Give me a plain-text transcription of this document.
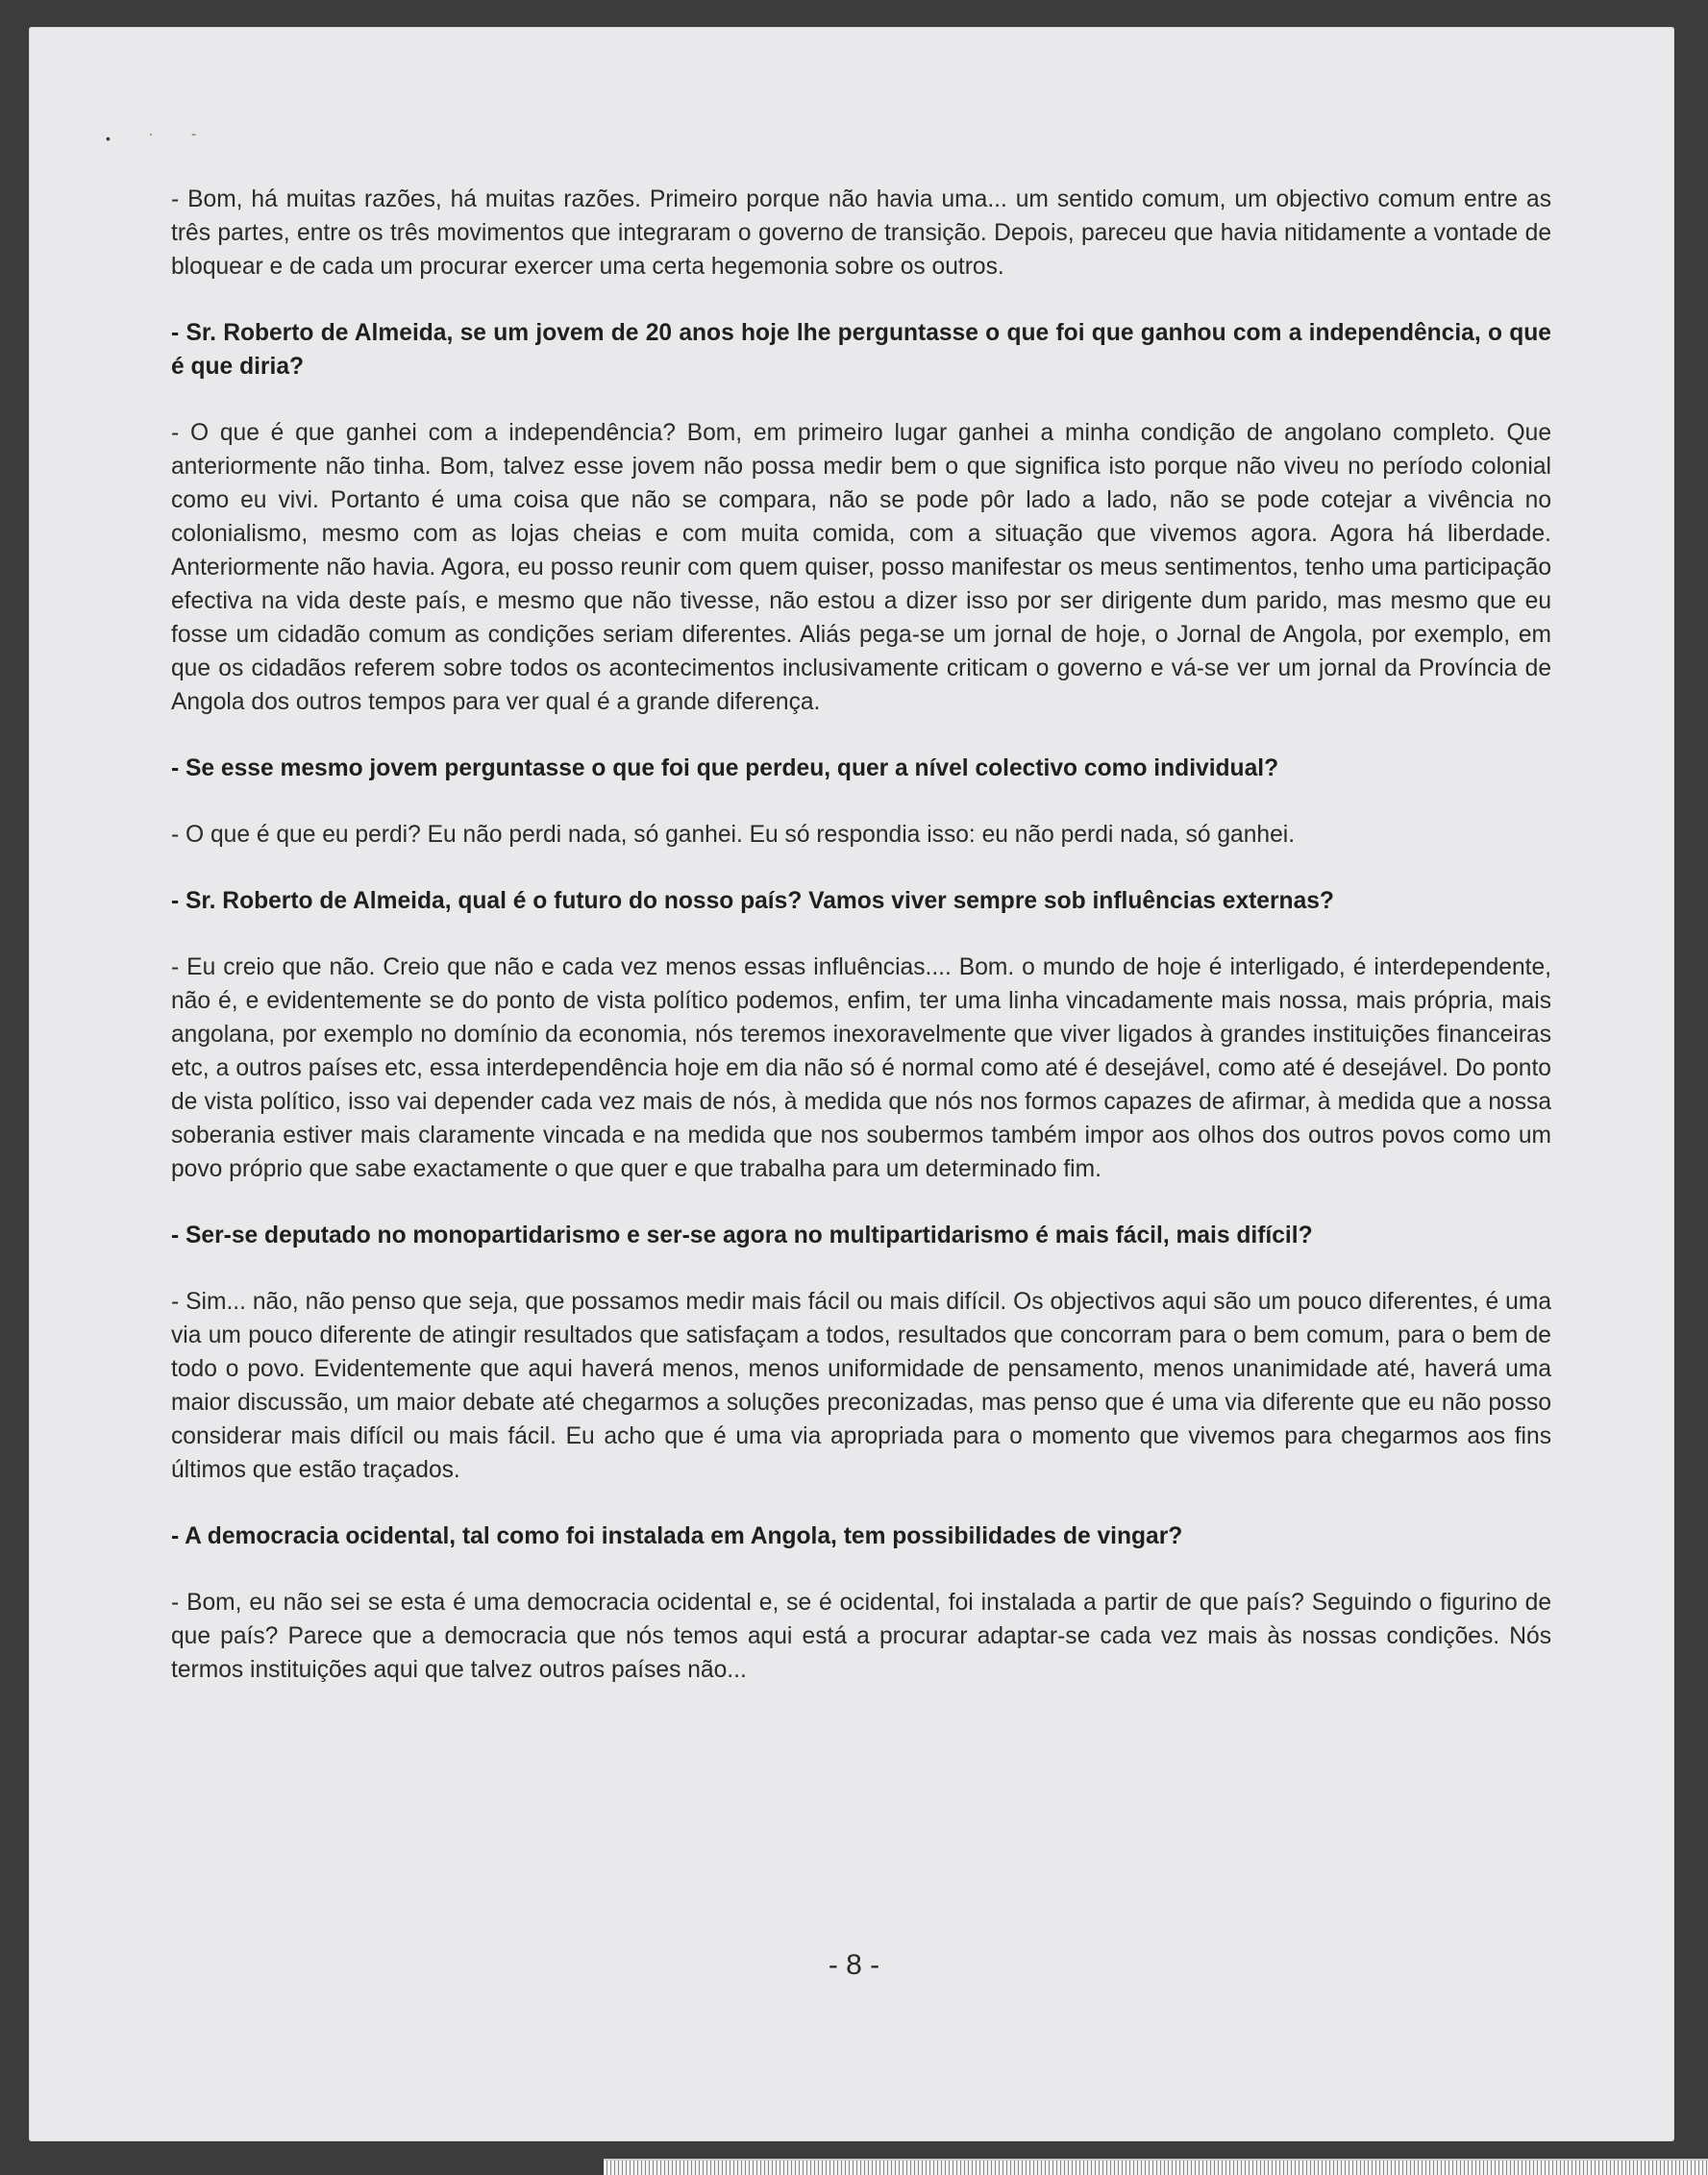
• ˈ ˉ

- Bom, há muitas razões, há muitas razões. Primeiro porque não havia uma... um sentido comum, um objectivo comum entre as três partes, entre os três movimentos que integraram o governo de transição. Depois, pareceu que havia nitidamente a vontade de bloquear e de cada um procurar exercer uma certa hegemonia sobre os outros.

- Sr. Roberto de Almeida, se um jovem de 20 anos hoje lhe perguntasse o que foi que ganhou com a independência, o que é que diria?

- O que é que ganhei com a independência? Bom, em primeiro lugar ganhei a minha condição de angolano completo. Que anteriormente não tinha. Bom, talvez esse jovem não possa medir bem o que significa isto porque não viveu no período colonial como eu vivi. Portanto é uma coisa que não se compara, não se pode pôr lado a lado, não se pode cotejar a vivência no colonialismo, mesmo com as lojas cheias e com muita comida, com a situação que vivemos agora. Agora há liberdade. Anteriormente não havia. Agora, eu posso reunir com quem quiser, posso manifestar os meus sentimentos, tenho uma participação efectiva na vida deste país, e mesmo que não tivesse, não estou a dizer isso por ser dirigente dum parido, mas mesmo que eu fosse um cidadão comum as condições seriam diferentes. Aliás pega-se um jornal de hoje, o Jornal de Angola, por exemplo, em que os cidadãos referem sobre todos os acontecimentos inclusivamente criticam o governo e vá-se ver um jornal da Província de Angola dos outros tempos para ver qual é a grande diferença.

- Se esse mesmo jovem perguntasse o que foi que perdeu, quer a nível colectivo como individual?

- O que é que eu perdi? Eu não perdi nada, só ganhei. Eu só respondia isso: eu não perdi nada, só ganhei.

- Sr. Roberto de Almeida, qual é o futuro do nosso país? Vamos viver sempre sob influências externas?

- Eu creio que não. Creio que não e cada vez menos essas influências.... Bom. o mundo de hoje é interligado, é interdependente, não é, e evidentemente se do ponto de vista político podemos, enfim, ter uma linha vincadamente mais nossa, mais própria, mais angolana, por exemplo no domínio da economia, nós teremos inexoravelmente que viver ligados à grandes instituições financeiras etc, a outros países etc, essa interdependência hoje em dia não só é normal como até é desejável, como até é desejável. Do ponto de vista político, isso vai depender cada vez mais de nós, à medida que nós nos formos capazes de afirmar, à medida que a nossa soberania estiver mais claramente vincada e na medida que nos soubermos também impor aos olhos dos outros povos como um povo próprio que sabe exactamente o que quer e que trabalha para um determinado fim.

- Ser-se deputado no monopartidarismo e ser-se agora no multipartidarismo é mais fácil, mais difícil?

- Sim... não, não penso que seja, que possamos medir mais fácil ou mais difícil. Os objectivos aqui são um pouco diferentes, é uma via um pouco diferente de atingir resultados que satisfaçam a todos, resultados que concorram para o bem comum, para o bem de todo o povo. Evidentemente que aqui haverá menos, menos uniformidade de pensamento, menos unanimidade até, haverá uma maior discussão, um maior debate até chegarmos a soluções preconizadas, mas penso que é uma via diferente que eu não posso considerar mais difícil ou mais fácil. Eu acho que é uma via apropriada para o momento que vivemos para chegarmos aos fins últimos que estão traçados.

- A democracia ocidental, tal como foi instalada em Angola, tem possibilidades de vingar?

- Bom, eu não sei se esta é uma democracia ocidental e, se é ocidental, foi instalada a partir de que país? Seguindo o figurino de que país? Parece que a democracia que nós temos aqui está a procurar adaptar-se cada vez mais às nossas condições. Nós termos instituições aqui que talvez outros países não...

- 8 -
